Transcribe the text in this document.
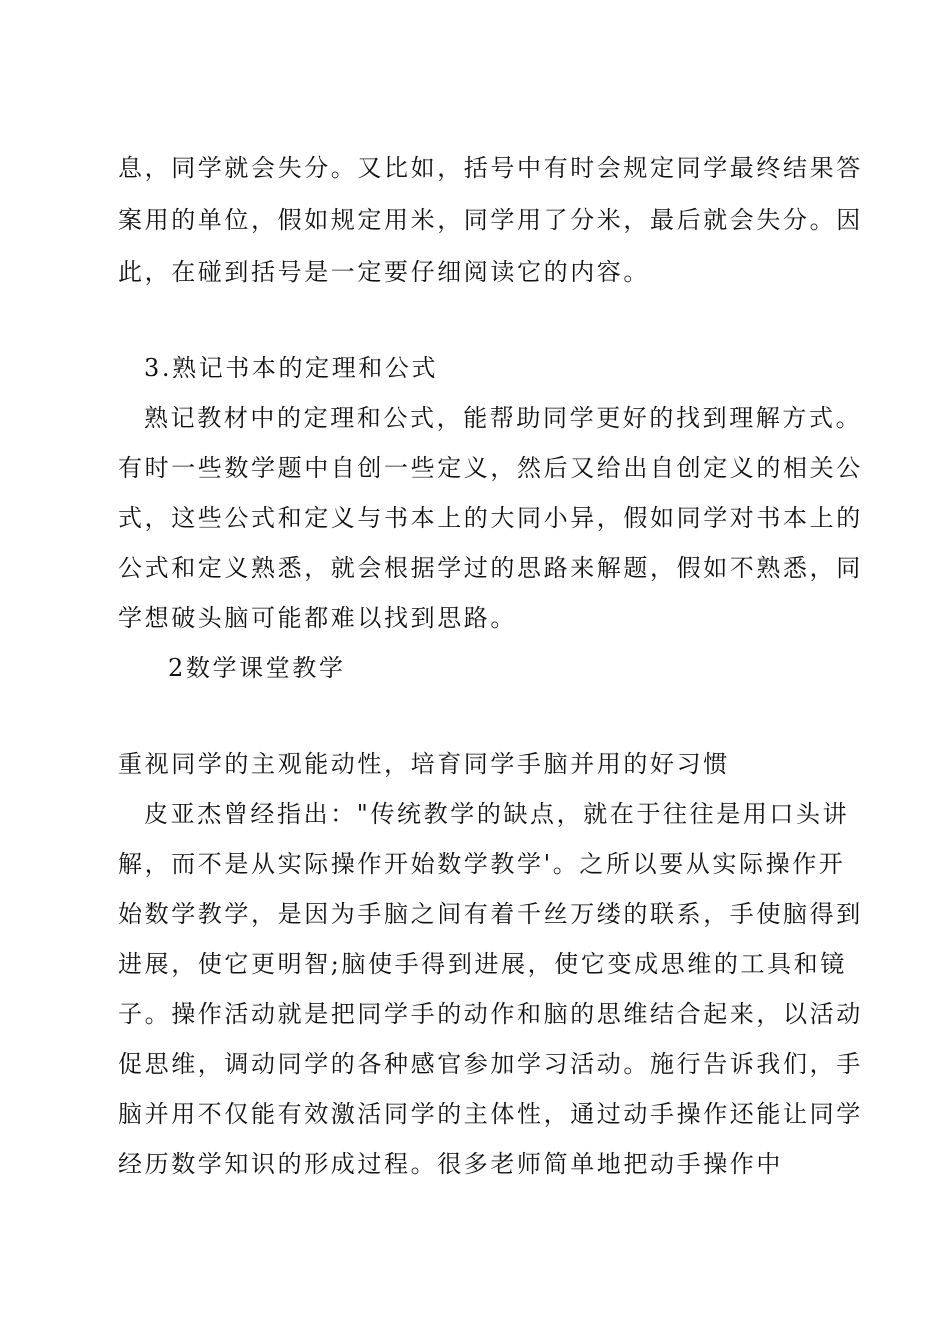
息，同学就会失分。又比如，括号中有时会规定同学最终结果答
案用的单位，假如规定用米，同学用了分米，最后就会失分。因
此，在碰到括号是一定要仔细阅读它的内容。
3.熟记书本的定理和公式
熟记教材中的定理和公式，能帮助同学更好的找到理解方式。
有时一些数学题中自创一些定义，然后又给出自创定义的相关公
式，这些公式和定义与书本上的大同小异，假如同学对书本上的
公式和定义熟悉，就会根据学过的思路来解题，假如不熟悉，同
学想破头脑可能都难以找到思路。
2数学课堂教学
重视同学的主观能动性，培育同学手脑并用的好习惯
皮亚杰曾经指出："传统教学的缺点，就在于往往是用口头讲
解，而不是从实际操作开始数学教学'。之所以要从实际操作开
始数学教学，是因为手脑之间有着千丝万缕的联系，手使脑得到
进展，使它更明智;脑使手得到进展，使它变成思维的工具和镜
子。操作活动就是把同学手的动作和脑的思维结合起来，以活动
促思维，调动同学的各种感官参加学习活动。施行告诉我们，手
脑并用不仅能有效激活同学的主体性，通过动手操作还能让同学
经历数学知识的形成过程。很多老师简单地把动手操作中
